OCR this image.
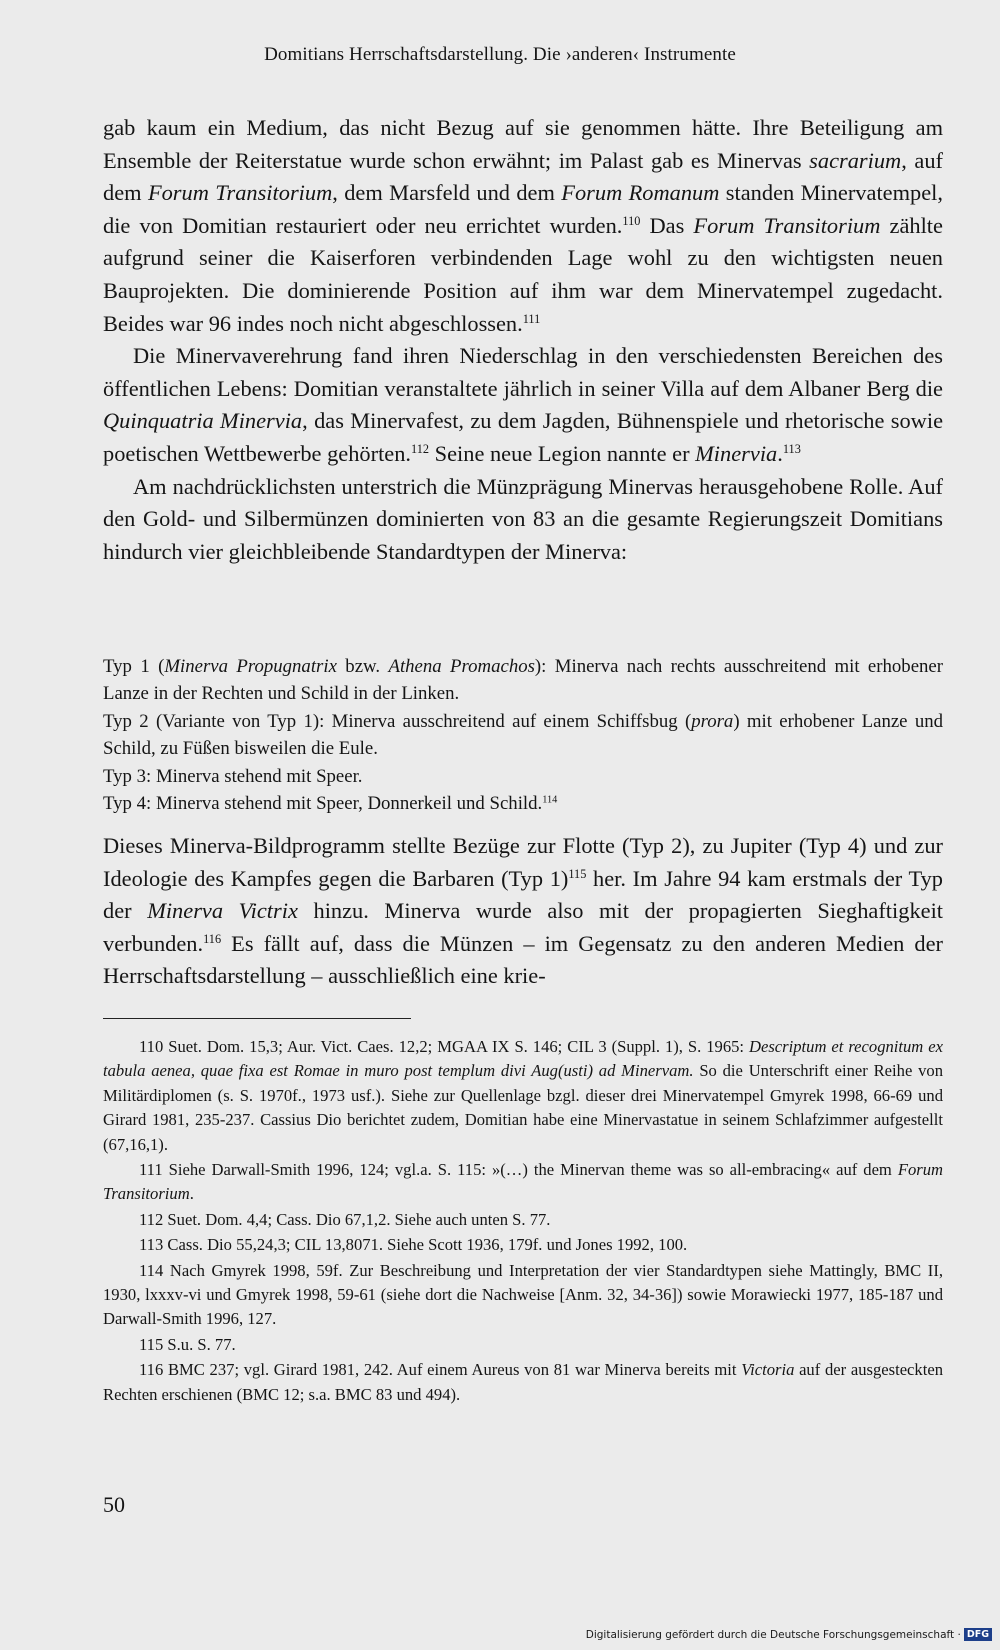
Domitians Herrschaftsdarstellung. Die ›anderen‹ Instrumente

gab kaum ein Medium, das nicht Bezug auf sie genommen hätte. Ihre Beteiligung am Ensemble der Reiterstatue wurde schon erwähnt; im Palast gab es Minervas sacrarium, auf dem Forum Transitorium, dem Marsfeld und dem Forum Romanum standen Minervatempel, die von Domitian restauriert oder neu errichtet wurden.$^{110}$ Das Forum Transitorium zählte aufgrund seiner die Kaiserforen verbindenden Lage wohl zu den wichtigsten neuen Bauprojekten. Die dominierende Position auf ihm war dem Minervatempel zugedacht. Beides war 96 indes noch nicht abgeschlossen.$^{111}$

Die Minervaverehrung fand ihren Niederschlag in den verschiedensten Bereichen des öffentlichen Lebens: Domitian veranstaltete jährlich in seiner Villa auf dem Albaner Berg die Quinquatria Minervia, das Minervafest, zu dem Jagden, Bühnenspiele und rhetorische sowie poetischen Wettbewerbe gehörten.$^{112}$ Seine neue Legion nannte er Minervia.$^{113}$

Am nachdrücklichsten unterstrich die Münzprägung Minervas herausgehobene Rolle. Auf den Gold- und Silbermünzen dominierten von 83 an die gesamte Regierungszeit Domitians hindurch vier gleichbleibende Standardtypen der Minerva:

Typ 1 (Minerva Propugnatrix bzw. Athena Promachos): Minerva nach rechts ausschreitend mit erhobener Lanze in der Rechten und Schild in der Linken.

Typ 2 (Variante von Typ 1): Minerva ausschreitend auf einem Schiffsbug (prora) mit erhobener Lanze und Schild, zu Füßen bisweilen die Eule.

Typ 3: Minerva stehend mit Speer.

Typ 4: Minerva stehend mit Speer, Donnerkeil und Schild.$^{114}$

Dieses Minerva-Bildprogramm stellte Bezüge zur Flotte (Typ 2), zu Jupiter (Typ 4) und zur Ideologie des Kampfes gegen die Barbaren (Typ 1)$^{115}$ her. Im Jahre 94 kam erstmals der Typ der Minerva Victrix hinzu. Minerva wurde also mit der propagierten Sieghaftigkeit verbunden.$^{116}$ Es fällt auf, dass die Münzen – im Gegensatz zu den anderen Medien der Herrschaftsdarstellung – ausschließlich eine krie-

110 Suet. Dom. 15,3; Aur. Vict. Caes. 12,2; MGAA IX S. 146; CIL 3 (Suppl. 1), S. 1965: Descriptum et recognitum ex tabula aenea, quae fixa est Romae in muro post templum divi Aug(usti) ad Minervam. So die Unterschrift einer Reihe von Militärdiplomen (s. S. 1970f., 1973 usf.). Siehe zur Quellenlage bzgl. dieser drei Minervatempel Gmyrek 1998, 66-69 und Girard 1981, 235-237. Cassius Dio berichtet zudem, Domitian habe eine Minervastatue in seinem Schlafzimmer aufgestellt (67,16,1).

111 Siehe Darwall-Smith 1996, 124; vgl.a. S. 115: »(…) the Minervan theme was so all-embracing« auf dem Forum Transitorium.

112 Suet. Dom. 4,4; Cass. Dio 67,1,2. Siehe auch unten S. 77.

113 Cass. Dio 55,24,3; CIL 13,8071. Siehe Scott 1936, 179f. und Jones 1992, 100.

114 Nach Gmyrek 1998, 59f. Zur Beschreibung und Interpretation der vier Standardtypen siehe Mattingly, BMC II, 1930, lxxxv-vi und Gmyrek 1998, 59-61 (siehe dort die Nachweise [Anm. 32, 34-36]) sowie Morawiecki 1977, 185-187 und Darwall-Smith 1996, 127.

115 S.u. S. 77.

116 BMC 237; vgl. Girard 1981, 242. Auf einem Aureus von 81 war Minerva bereits mit Victoria auf der ausgesteckten Rechten erschienen (BMC 12; s.a. BMC 83 und 494).

50
Digitalisierung gefördert durch die Deutsche Forschungsgemeinschaft · DFG
